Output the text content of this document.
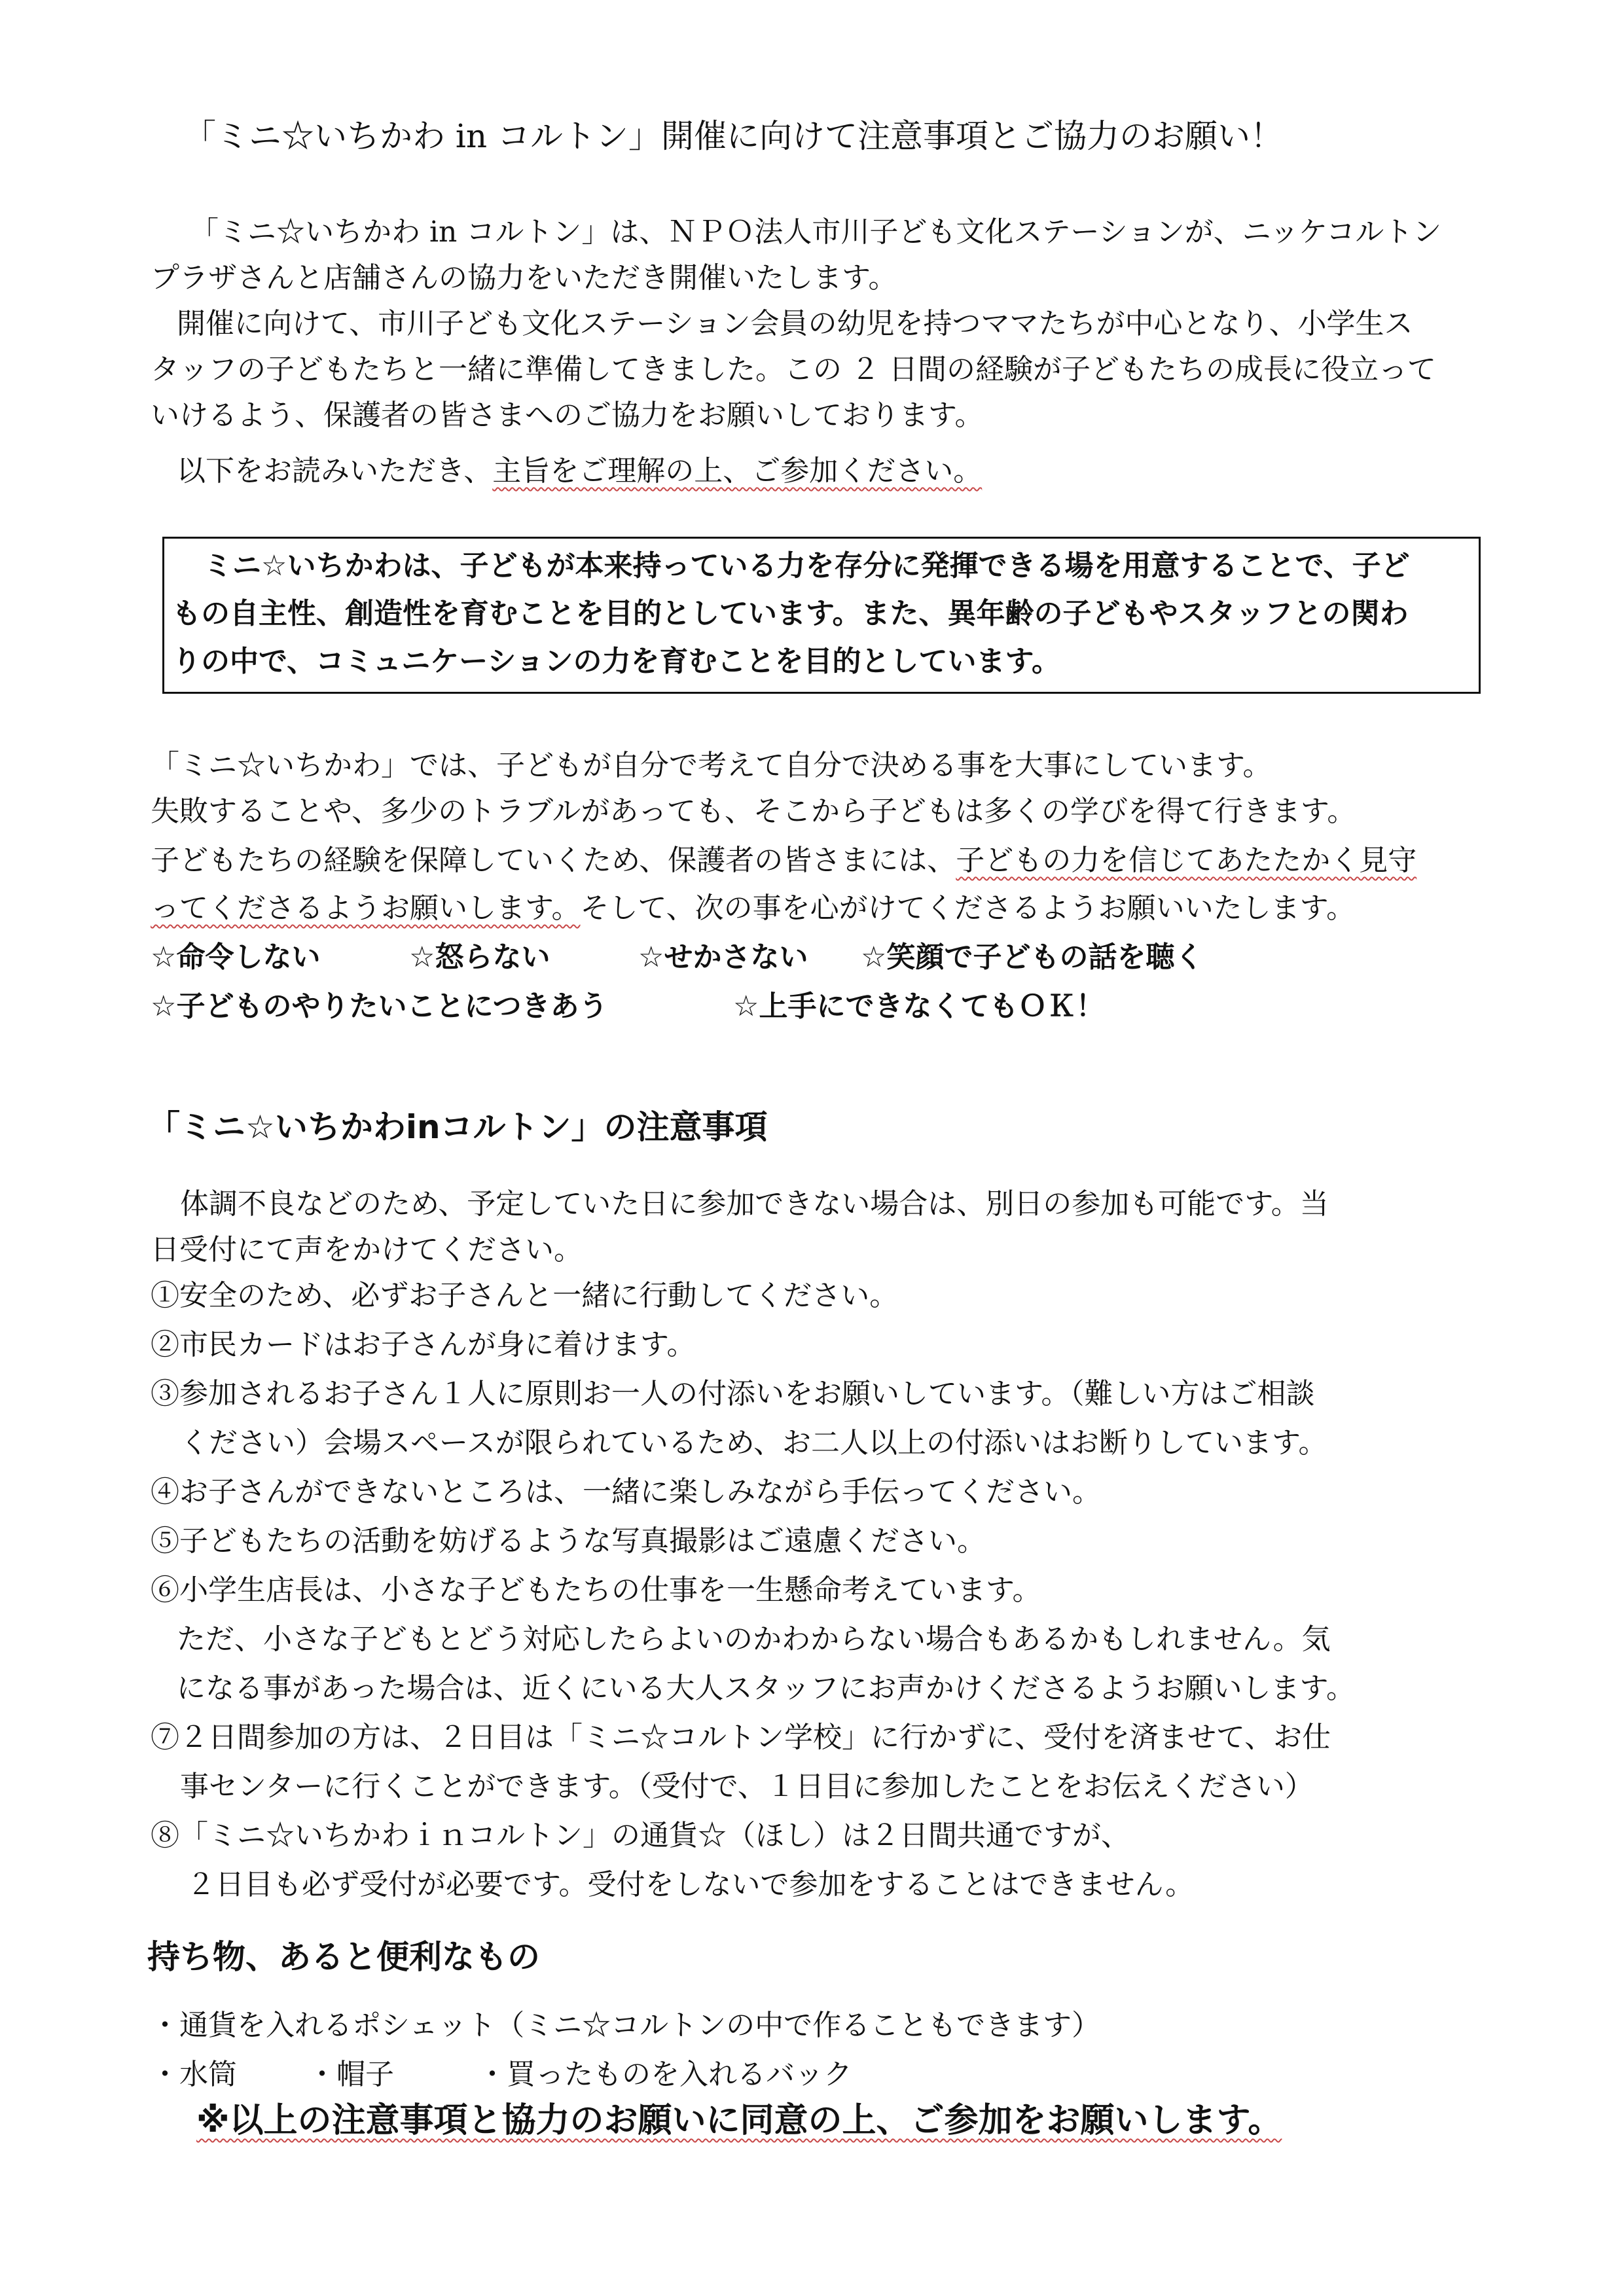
「ミニ☆いちかわ in コルトン」開催に向けて注意事項とご協力のお願い！
「ミニ☆いちかわ in コルトン」は、ＮＰＯ法人市川子ども文化ステーションが、ニッケコルトン
プラザさんと店舗さんの協力をいただき開催いたします。
開催に向けて、市川子ども文化ステーション会員の幼児を持つママたちが中心となり、小学生ス
タッフの子どもたちと一緒に準備してきました。この ２ 日間の経験が子どもたちの成長に役立って
いけるよう、保護者の皆さまへのご協力をお願いしております。
以下をお読みいただき、主旨をご理解の上、ご参加ください。
ミニ☆いちかわは、子どもが本来持っている力を存分に発揮できる場を用意することで、子ど
もの自主性、創造性を育むことを目的としています。また、異年齢の子どもやスタッフとの関わ
りの中で、コミュニケーションの力を育むことを目的としています。
「ミニ☆いちかわ」では、子どもが自分で考えて自分で決める事を大事にしています。
失敗することや、多少のトラブルがあっても、そこから子どもは多くの学びを得て行きます。
子どもたちの経験を保障していくため、保護者の皆さまには、子どもの力を信じてあたたかく見守
ってくださるようお願いします。そして、次の事を心がけてくださるようお願いいたします。
☆命令しない	☆怒らない	☆せかさない ☆笑顔で子どもの話を聴く
☆子どものやりたいことにつきあう	☆上手にできなくてもＯＫ！
「ミニ☆いちかわinコルトン」の注意事項
体調不良などのため、予定していた日に参加できない場合は、別日の参加も可能です。当
日受付にて声をかけてください。
①安全のため、必ずお子さんと一緒に行動してください。
②市民カードはお子さんが身に着けます。
③参加されるお子さん１人に原則お一人の付添いをお願いしています。（難しい方はご相談
ください）会場スペースが限られているため、お二人以上の付添いはお断りしています。
④お子さんができないところは、一緒に楽しみながら手伝ってください。
⑤子どもたちの活動を妨げるような写真撮影はご遠慮ください。
⑥小学生店長は、小さな子どもたちの仕事を一生懸命考えています。
ただ、小さな子どもとどう対応したらよいのかわからない場合もあるかもしれません。気
になる事があった場合は、近くにいる大人スタッフにお声かけくださるようお願いします。
⑦２日間参加の方は、２日目は「ミニ☆コルトン学校」に行かずに、受付を済ませて、お仕
事センターに行くことができます。（受付で、１日目に参加したことをお伝えください）
⑧「ミニ☆いちかわｉｎコルトン」の通貨☆（ほし）は２日間共通ですが、
２日目も必ず受付が必要です。受付をしないで参加をすることはできません。
持ち物、あると便利なもの
・通貨を入れるポシェット（ミニ☆コルトンの中で作ることもできます）
・水筒 ・帽子	・買ったものを入れるバック
※以上の注意事項と協力のお願いに同意の上、ご参加をお願いします。
